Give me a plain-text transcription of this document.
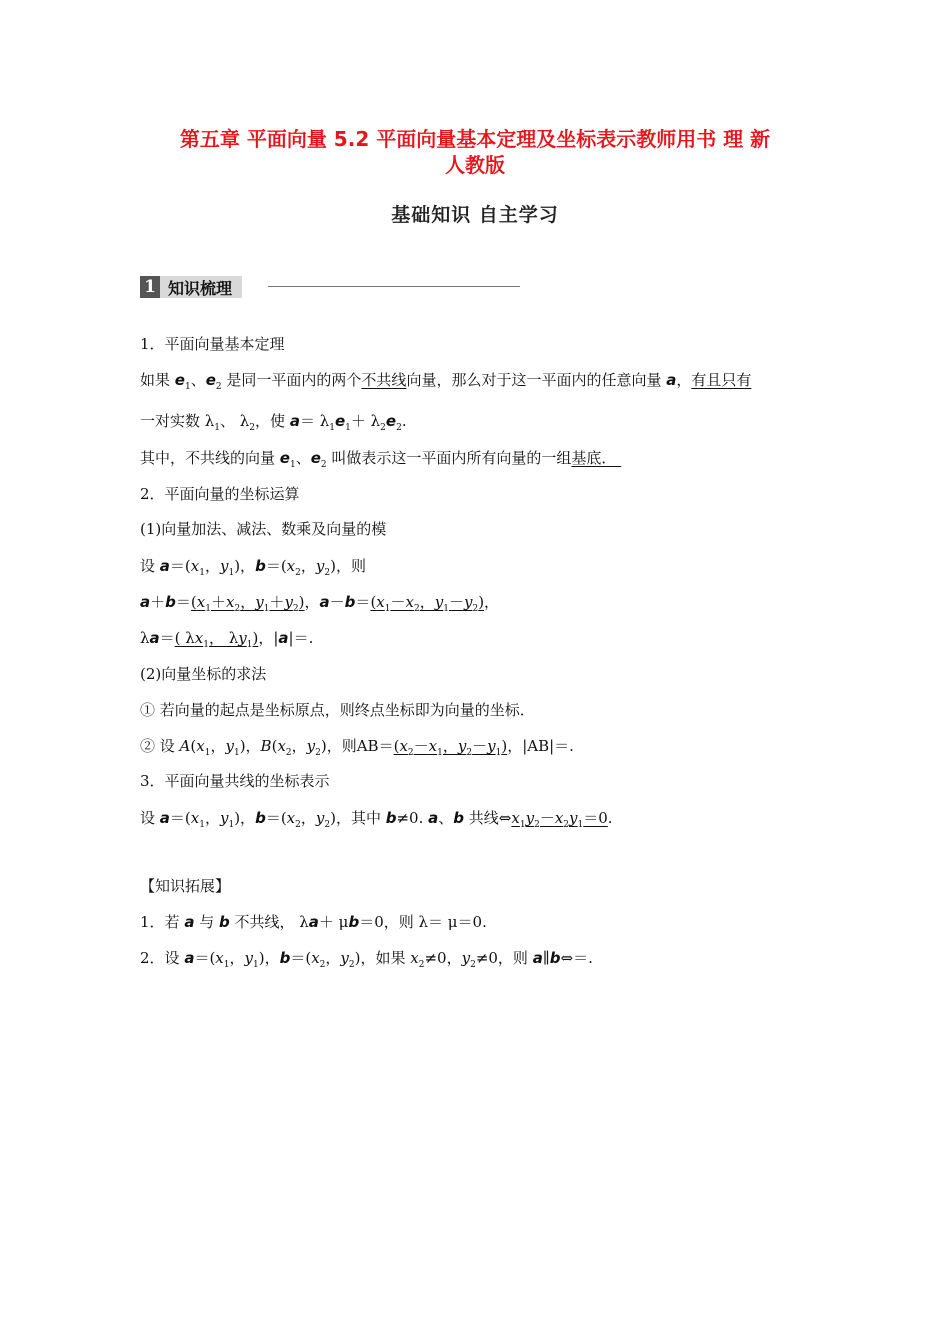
第五章 平面向量 5.2 平面向量基本定理及坐标表示教师用书 理 新
人教版
基础知识 自主学习
1 知识梳理
1．平面向量基本定理
如果 $e_1$、$e_2$ 是同一平面内的两个不共线向量，那么对于这一平面内的任意向量 a，有且只有
一对实数 $\lambda_1$、 $\lambda_2$，使 $a= \lambda_1e_1+ \lambda_2e_2$.
其中，不共线的向量 $e_1$、$e_2$ 叫做表示这一平面内所有向量的一组基底．
2．平面向量的坐标运算
(1)向量加法、减法、数乘及向量的模
设 $a=(x_1$，$y_1$)，$b=(x_2$，$y_2$)，则
$a+b=(x_1+x_2$，$y_1+y_2$)，$a-b=(x_1-x_2$，$y_1-y_2$)，
λa＝( $\lambda x_1$， $\lambda y_1$)，|a|＝.
(2)向量坐标的求法
① 若向量的起点是坐标原点，则终点坐标即为向量的坐标．
② 设 $A(x_1$，$y_1$)，$B(x_2$，$y_2$)，则$AB=(x_2-x_1$，$y_2-y_1$)，|AB|＝.
3．平面向量共线的坐标表示
设 $a=(x_1$，$y_1$)，$b=(x_2$，$y_2$)，其中 b≠0. a、b 共线$\Leftrightarrow x_1y_2-x_2y_1=0$.
【知识拓展】
1．若 a 与 b 不共线， λa＋ μb＝0，则 λ＝ μ＝0.
2．设 $a=(x_1$，$y_1$)，$b=(x_2$，$y_2$)，如果 $x_2\ne 0$，$y_2\ne 0$，则 a∥b⇔＝.
